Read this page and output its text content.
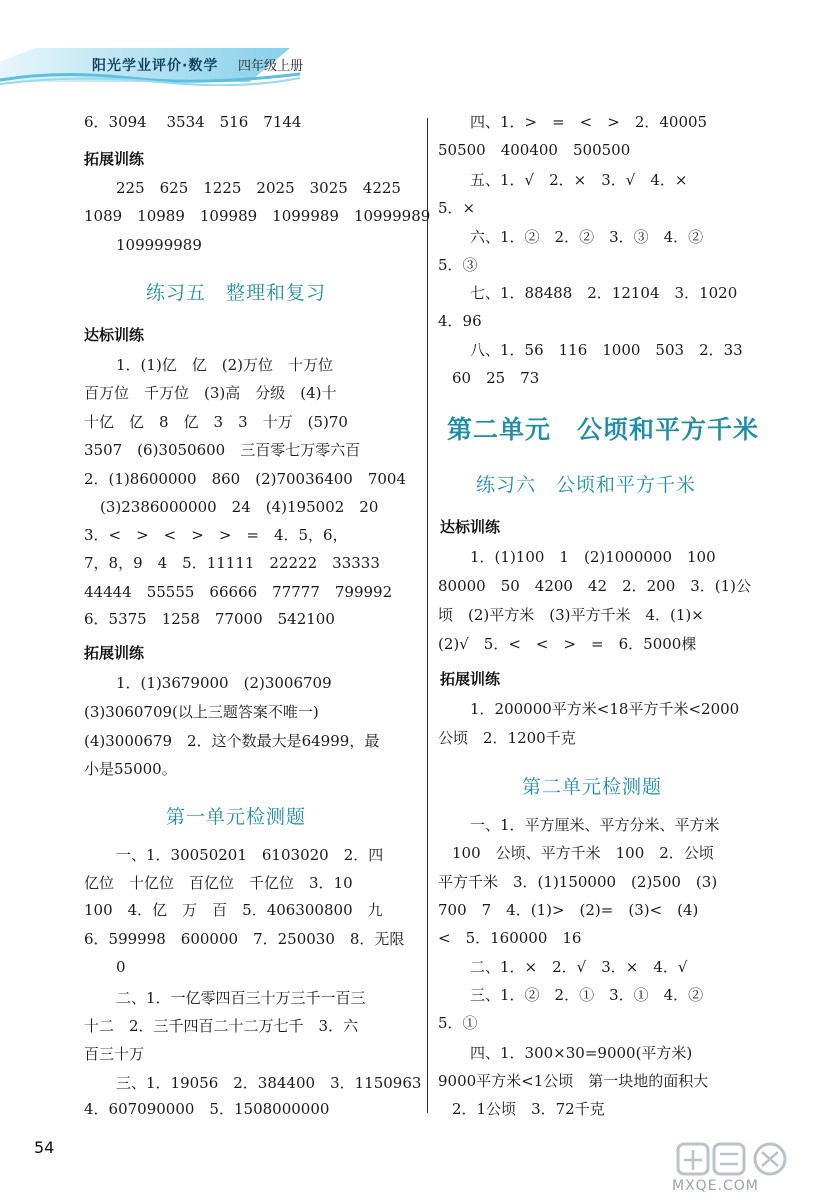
阳光学业评价·数学 四年级上册
6．3094　 3534　516　7144
拓展训练
225　625　1225　2025　3025　4225
1089　10989　109989　1099989　10999989
109999989
练习五　整理和复习
达标训练
1．(1)亿　亿　(2)万位　十万位
百万位　千万位　(3)高　分级　(4)十
十亿　亿　8　亿　3　3　十万　(5)70
3507　(6)3050600　三百零七万零六百
2．(1)8600000　860　(2)70036400　7004
(3)2386000000　24　(4)195002　20
3．<　>　<　>　>　=　4．5，6，
7，8，9　4　5．11111　22222　33333
44444　55555　66666　77777　799992
6．5375　1258　77000　542100
拓展训练
1．(1)3679000　(2)3006709
(3)3060709(以上三题答案不唯一)
(4)3000679　2．这个数最大是64999，最
小是55000。
第一单元检测题
一、1．30050201　6103020　2．四
亿位　十亿位　百亿位　千亿位　3．10
100　4．亿　万　百　5．406300800　九
6．599998　600000　7．250030　8．无限
0
二、1．一亿零四百三十万三千一百三
十二　2．三千四百二十二万七千　3．六
百三十万
三、1．19056　2．384400　3．1150963
4．607090000　5．1508000000
四、1．>　=　<　>　2．40005
50500　400400　500500
五、1．√　2．×　3．√　4．×
5．×
六、1．②　2．②　3．③　4．②
5．③
七、1．88488　2．12104　3．1020
4．96
八、1．56　116　1000　503　2．33
60　25　73
第二单元　公顷和平方千米
练习六　公顷和平方千米
达标训练
1．(1)100　1　(2)1000000　100
80000　50　4200　42　2．200　3．(1)公
顷　(2)平方米　(3)平方千米　4．(1)×
(2)√　5．<　<　>　=　6．5000棵
拓展训练
1．200000平方米<18平方千米<2000
公顷　2．1200千克
第二单元检测题
一、1．平方厘米、平方分米、平方米
100　公顷、平方千米　100　2．公顷
平方千米　3．(1)150000　(2)500　(3)
700　7　4．(1)>　(2)=　(3)<　(4)
<　5．160000　16
二、1．×　2．√　3．×　4．√
三、1．②　2．①　3．①　4．②
5．①
四、1．300×30=9000(平方米)
9000平方米<1公顷　第一块地的面积大
2．1公顷　3．72千克
54
MXQE.COM
